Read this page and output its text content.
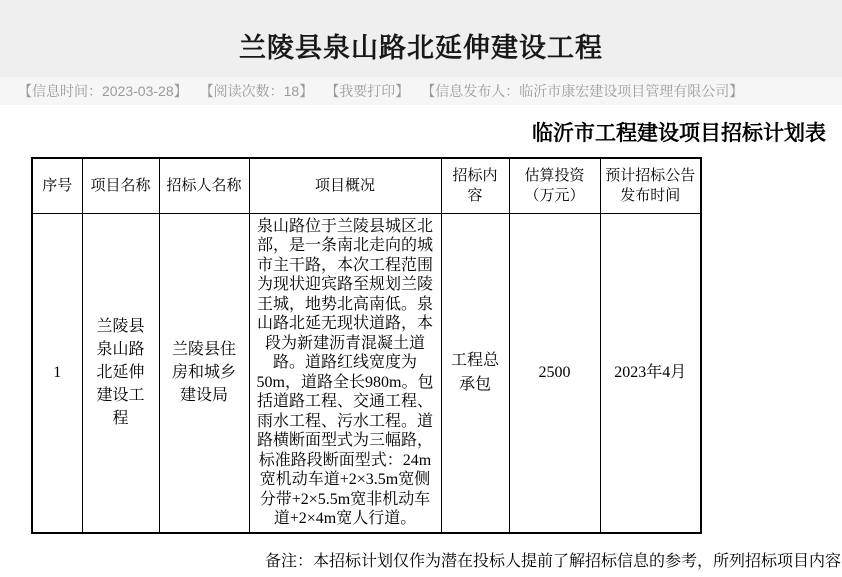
兰陵县泉山路北延伸建设工程
【信息时间：2023-03-28】 【阅读次数：18】 【我要打印】 【信息发布人：临沂市康宏建设项目管理有限公司】
临沂市工程建设项目招标计划表
序号	项目名称	招标人名称	项目概况	招标内容	估算投资（万元）	预计招标公告发布时间
1	兰陵县泉山路北延伸建设工程	兰陵县住房和城乡建设局	泉山路位于兰陵县城区北部，是一条南北走向的城市主干路，本次工程范围为现状迎宾路至规划兰陵王城，地势北高南低。泉山路北延无现状道路，本段为新建沥青混凝土道路。道路红线宽度为50m，道路全长980m。包括道路工程、交通工程、雨水工程、污水工程。道路横断面型式为三幅路，标准路段断面型式：24m宽机动车道+2×3.5m宽侧分带+2×5.5m宽非机动车道+2×4m宽人行道。	工程总承包	2500	2023年4月
备注：本招标计划仅作为潜在投标人提前了解招标信息的参考，所列招标项目内容
